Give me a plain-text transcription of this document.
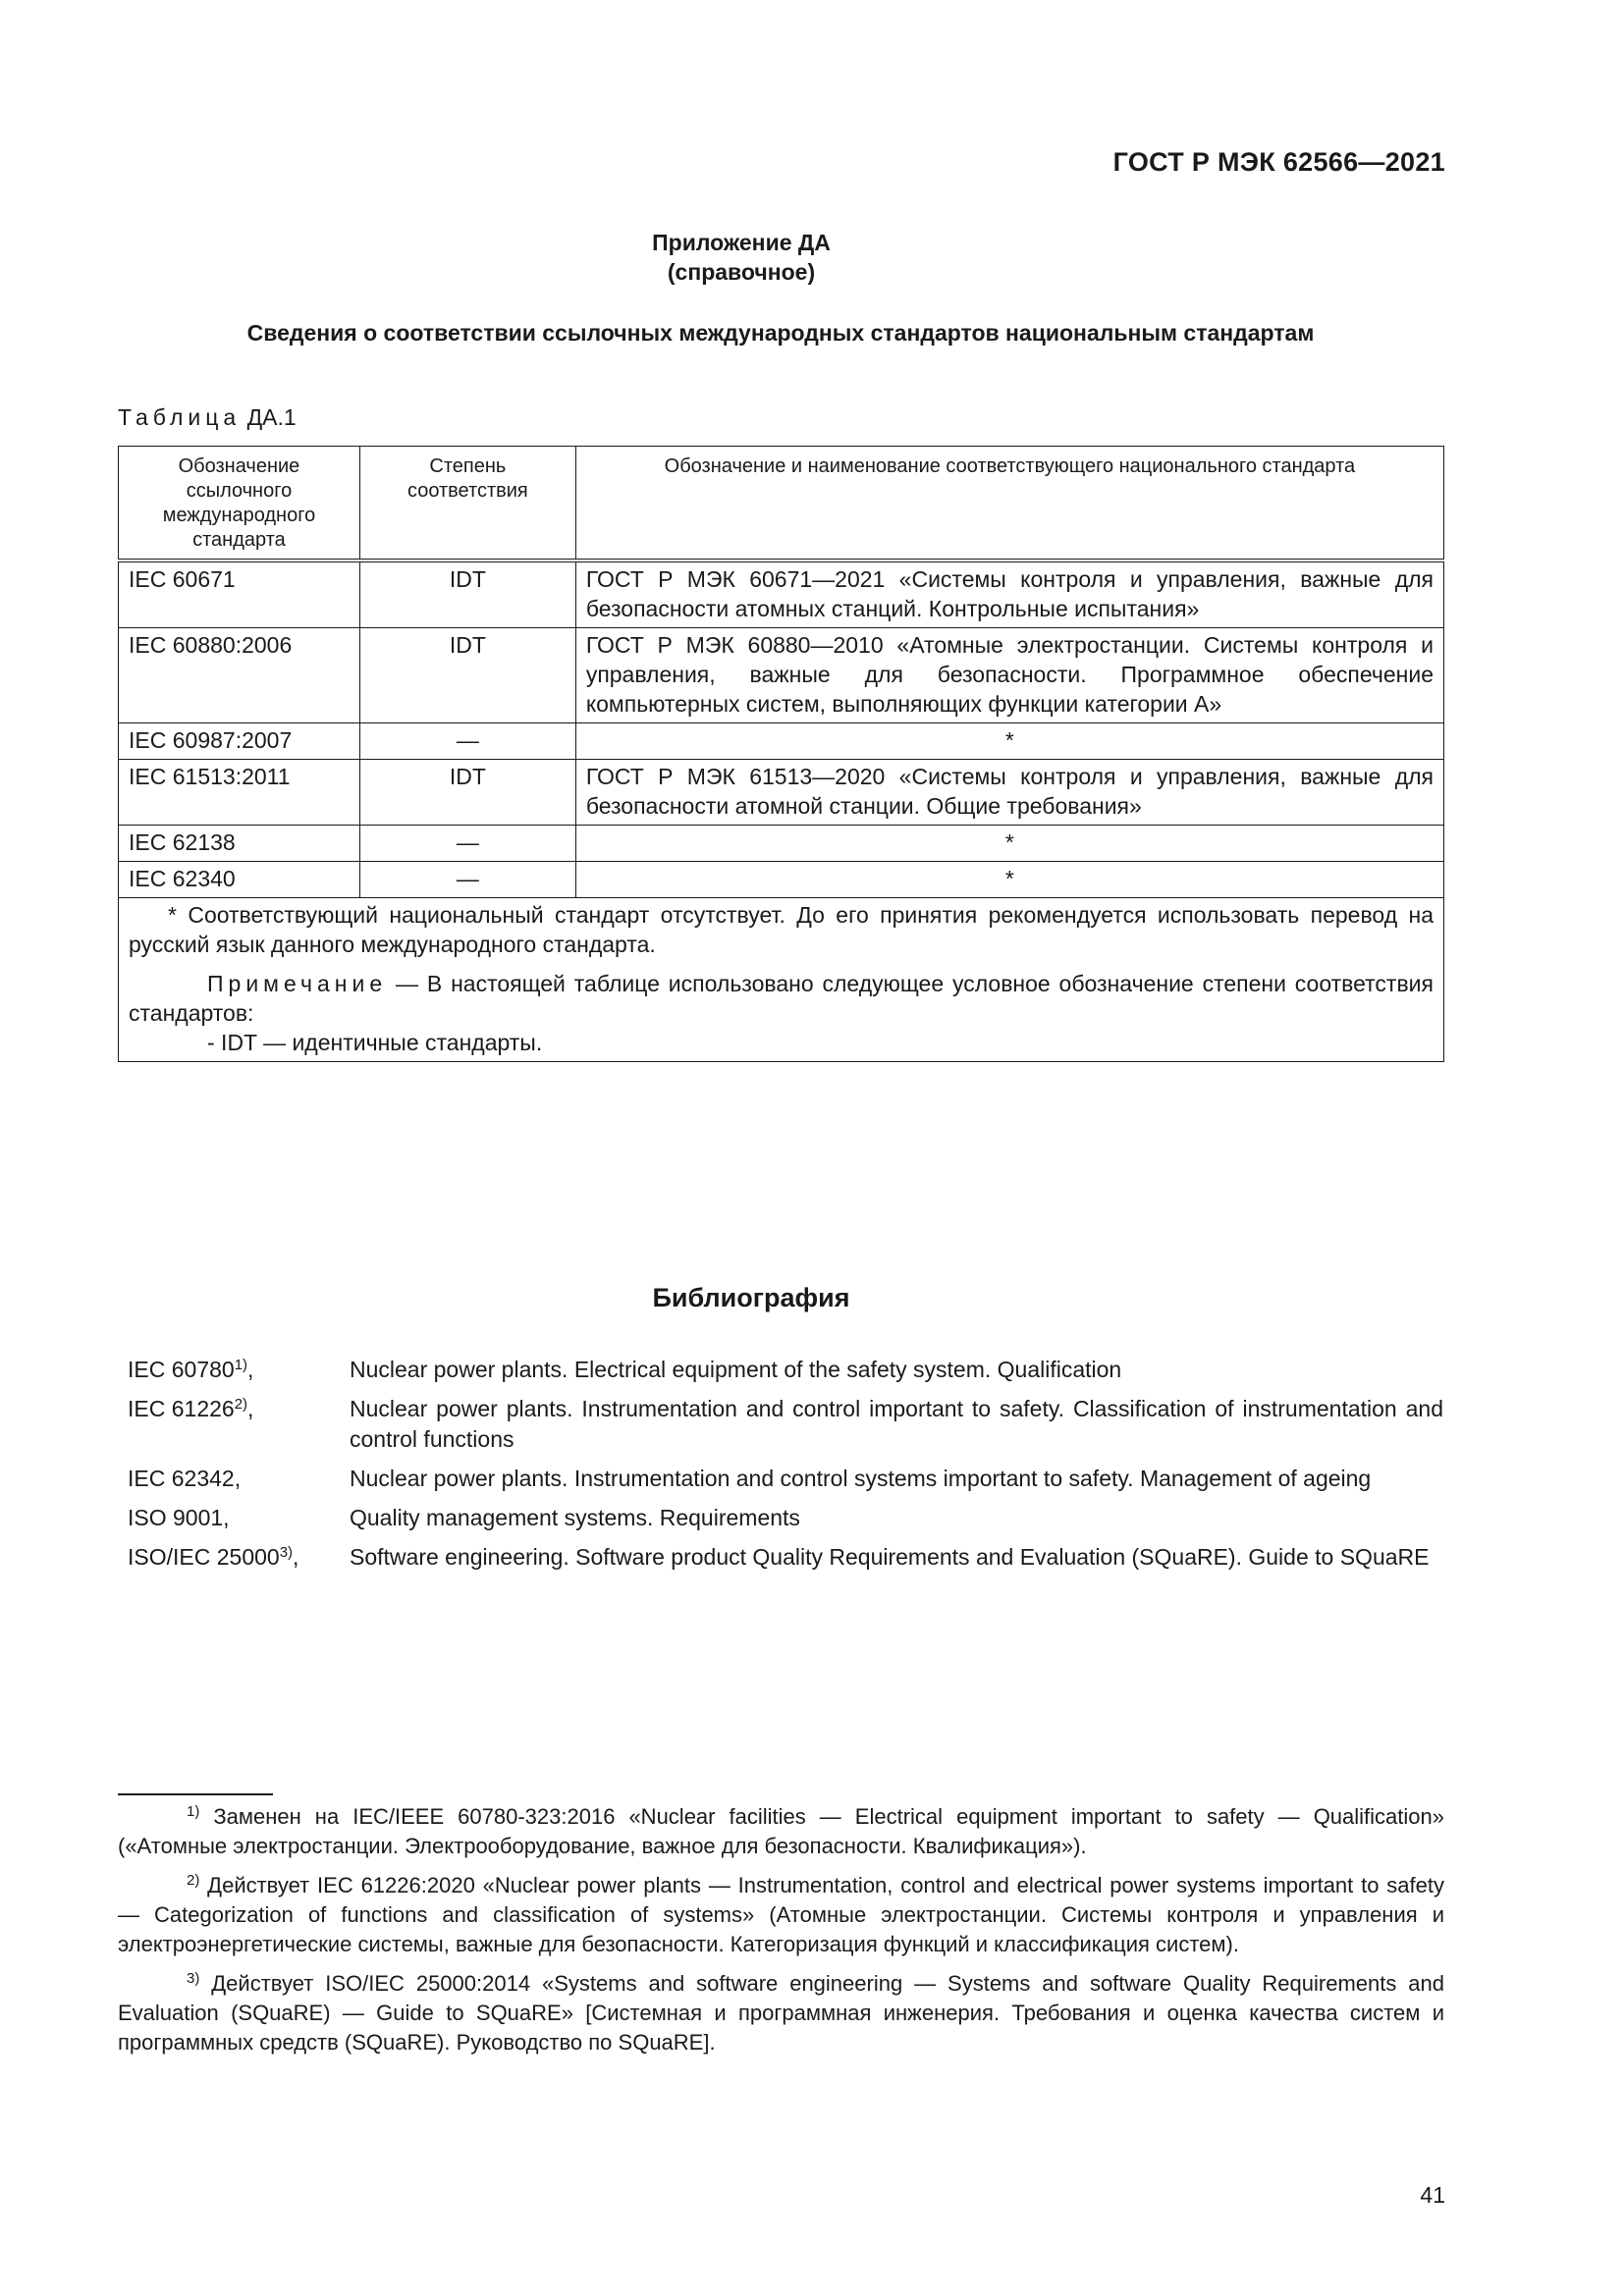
ГОСТ Р МЭК 62566—2021
Приложение ДА
(справочное)
Сведения о соответствии ссылочных международных стандартов национальным стандартам
Таблица ДА.1
Обозначение ссылочного международного стандарта	Степень соответствия	Обозначение и наименование соответствующего национального стандарта
IEC 60671	IDT	ГОСТ Р МЭК 60671—2021 «Системы контроля и управления, важные для безопасности атомных станций. Контрольные испытания»
IEC 60880:2006	IDT	ГОСТ Р МЭК 60880—2010 «Атомные электростанции. Системы контроля и управления, важные для безопасности. Программное обеспечение компьютерных систем, выполняющих функции категории А»
IEC 60987:2007	—	*
IEC 61513:2011	IDT	ГОСТ Р МЭК 61513—2020 «Системы контроля и управления, важные для безопасности атомной станции. Общие требования»
IEC 62138	—	*
IEC 62340	—	*

* Соответствующий национальный стандарт отсутствует. До его принятия рекомендуется использовать перевод на русский язык данного международного стандарта.

Примечание — В настоящей таблице использовано следующее условное обозначение степени соответствия стандартов:

- IDT — идентичные стандарты.		

Библиография
IEC 60780$^{1)}$,	Nuclear power plants. Electrical equipment of the safety system. Qualification
IEC 61226$^{2)}$,	Nuclear power plants. Instrumentation and control important to safety. Classification of instrumentation and control functions
IEC 62342,	Nuclear power plants. Instrumentation and control systems important to safety. Management of ageing
ISO 9001,	Quality management systems. Requirements
ISO/IEC 25000$^{3)}$,	Software engineering. Software product Quality Requirements and Evaluation (SQuaRE). Guide to SQuaRE

$^{1)}$ Заменен на IEC/IEEE 60780-323:2016 «Nuclear facilities — Electrical equipment important to safety — Qualification» («Атомные электростанции. Электрооборудование, важное для безопасности. Квалификация»).

$^{2)}$ Действует IEC 61226:2020 «Nuclear power plants — Instrumentation, control and electrical power systems important to safety — Categorization of functions and classification of systems» (Атомные электростанции. Системы контроля и управления и электроэнергетические системы, важные для безопасности. Категоризация функций и классификация систем).

$^{3)}$ Действует ISO/IEC 25000:2014 «Systems and software engineering — Systems and software Quality Requirements and Evaluation (SQuaRE) — Guide to SQuaRE» [Системная и программная инженерия. Требования и оценка качества систем и программных средств (SQuaRE). Руководство по SQuaRE].

41
